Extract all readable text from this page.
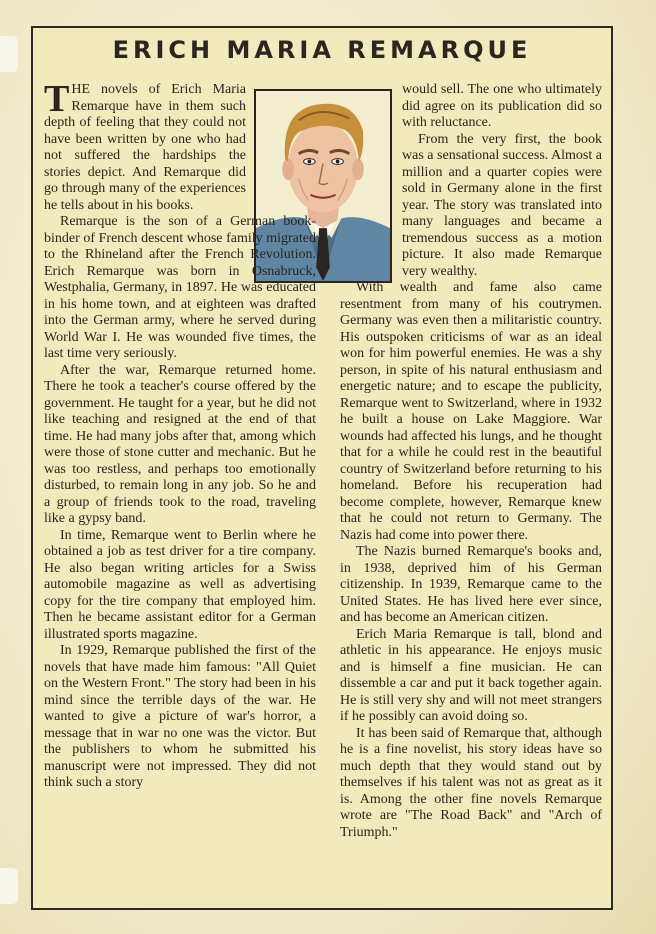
ERICH MARIA REMARQUE

THE novels of Erich Maria Remarque have in them such depth of feeling that they could not have been written by one who had not suffered the hardships the stories depict. And Remarque did go through many of the experiences he tells about in his books.

Remarque is the son of a German book-binder of French descent whose family migrated to the Rhineland after the French Revolution. Erich Remarque was born in Osnabruck, Westphalia, Germany, in 1897. He was educated in his home town, and at eighteen was drafted into the German army, where he served during World War I. He was wounded five times, the last time very seriously.

After the war, Remarque returned home. There he took a teacher's course offered by the government. He taught for a year, but he did not like teaching and resigned at the end of that time. He had many jobs after that, among which were those of stone cutter and mechanic. But he was too restless, and perhaps too emotionally disturbed, to remain long in any job. So he and a group of friends took to the road, traveling like a gypsy band.

In time, Remarque went to Berlin where he obtained a job as test driver for a tire company. He also began writing articles for a Swiss automobile magazine as well as advertising copy for the tire company that employed him. Then he became assistant editor for a German illustrated sports magazine.

In 1929, Remarque published the first of the novels that have made him famous: "All Quiet on the Western Front." The story had been in his mind since the terrible days of the war. He wanted to give a picture of war's horror, a message that in war no one was the victor. But the publishers to whom he submitted his manuscript were not impressed. They did not think such a story

would sell. The one who ultimately did agree on its publication did so with reluctance.

From the very first, the book was a sensational success. Almost a million and a quarter copies were sold in Germany alone in the first year. The story was translated into many languages and became a tremendous success as a motion picture. It also made Remarque very wealthy.

With wealth and fame also came resentment from many of his coutrymen. Germany was even then a militaristic country. His outspoken criticisms of war as an ideal won for him powerful enemies. He was a shy person, in spite of his natural enthusiasm and energetic nature; and to escape the publicity, Remarque went to Switzerland, where in 1932 he built a house on Lake Maggiore. War wounds had affected his lungs, and he thought that for a while he could rest in the beautiful country of Switzerland before returning to his homeland. Before his recuperation had become complete, however, Remarque knew that he could not return to Germany. The Nazis had come into power there.

The Nazis burned Remarque's books and, in 1938, deprived him of his German citizenship. In 1939, Remarque came to the United States. He has lived here ever since, and has become an American citizen.

Erich Maria Remarque is tall, blond and athletic in his appearance. He enjoys music and is himself a fine musician. He can dissemble a car and put it back together again. He is still very shy and will not meet strangers if he possibly can avoid doing so.

It has been said of Remarque that, although he is a fine novelist, his story ideas have so much depth that they would stand out by themselves if his talent was not as great as it is. Among the other fine novels Remarque wrote are "The Road Back" and "Arch of Triumph."
